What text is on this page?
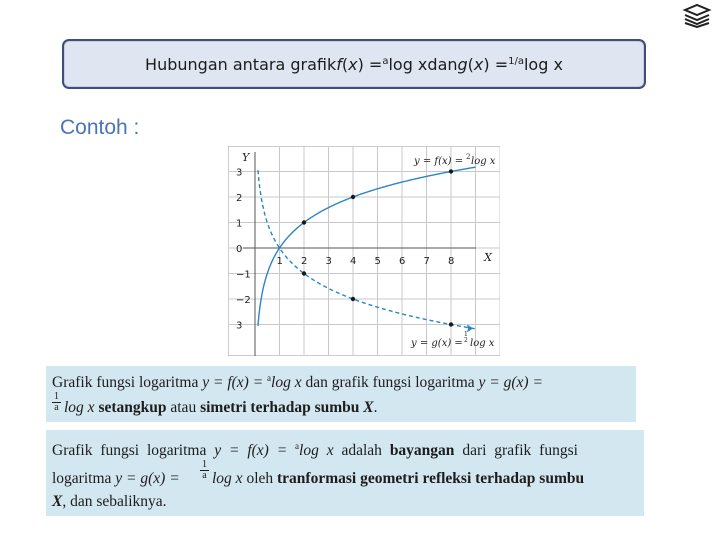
Hubungan antara grafik f ( x ) = $^a$ log x dan g ( x ) = $^{1/a}$ log x
Contoh :
Y
X
1 2 3 4 5 6 7 8
3
2
1
0
−1
−2
3
y = f(x) = 2 log x
y = g(x) =
1
2 log x
Grafik fungsi logaritma y = f(x) = $^a$log x dan grafik fungsi logaritma y = g(x) =
$\frac{1}{a}$ log x setangkup atau simetri terhadap sumbu X.
Grafik fungsi logaritma y = f(x) = $^a$log x adalah bayangan dari grafik fungsi
logaritma $y = g(x) = \frac{1}{a}$ log x oleh tranformasi geometri refleksi terhadap sumbu
X, dan sebaliknya.
